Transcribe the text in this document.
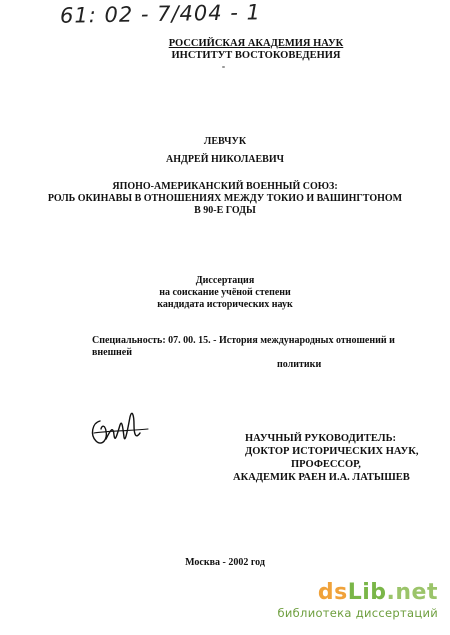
61: 02 - 7/404 - 1
РОССИЙСКАЯ АКАДЕМИЯ НАУК
ИНСТИТУТ ВОСТОКОВЕДЕНИЯ
ЛЕВЧУК
АНДРЕЙ НИКОЛАЕВИЧ
ЯПОНО-АМЕРИКАНСКИЙ ВОЕННЫЙ СОЮЗ:
РОЛЬ ОКИНАВЫ В ОТНОШЕНИЯХ МЕЖДУ ТОКИО И ВАШИНГТОНОМ
В 90-Е ГОДЫ
Диссертация
на соискание учёной степени
кандидата исторических наук
Специальность: 07. 00. 15. - История международных отношений и внешней
политики
НАУЧНЫЙ РУКОВОДИТЕЛЬ:
ДОКТОР ИСТОРИЧЕСКИХ НАУК,
ПРОФЕССОР,
АКАДЕМИК РАЕН И.А. ЛАТЫШЕВ
Москва - 2002 год
dsLib.net
библиотека диссертаций
